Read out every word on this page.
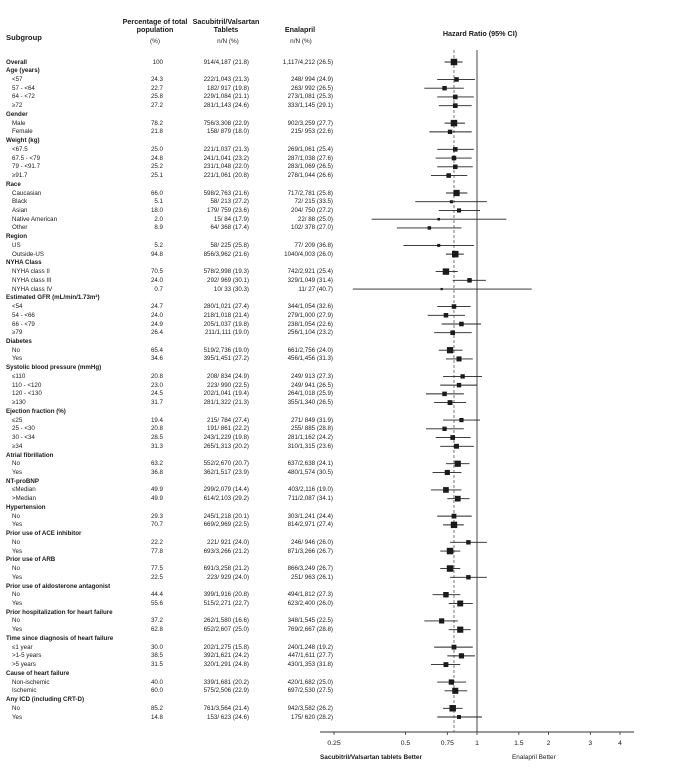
Subgroup
Percentage of total population
(%)
Sacubitril/Valsartan Tablets
n/N (%)
Enalapril
n/N (%)
Hazard Ratio (95% CI)
Overall	100	914/4,187 (21.8)	1,117/4,212 (26.5)
Age (years)
<57	24.3	222/1,043 (21.3)	248/ 994 (24.9)
57 - <64	22.7	182/ 917 (19.8)	263/ 992 (26.5)
64 - <72	25.8	229/1,084 (21.1)	273/1,081 (25.3)
≥72	27.2	281/1,143 (24.6)	333/1,145 (29.1)
Gender
Male	78.2	756/3,308 (22.9)	902/3,259 (27.7)
Female	21.8	158/ 879 (18.0)	215/ 953 (22.6)
Weight (kg)
<67.5	25.0	221/1,037 (21.3)	269/1,061 (25.4)
67.5 - <79	24.8	241/1,041 (23.2)	287/1,038 (27.6)
79 - <91.7	25.2	231/1,048 (22.0)	283/1,069 (26.5)
≥91.7	25.1	221/1,061 (20.8)	278/1,044 (26.6)
Race
Caucasian	66.0	598/2,763 (21.6)	717/2,781 (25.8)
Black	5.1	58/ 213 (27.2)	72/ 215 (33.5)
Asian	18.0	179/ 759 (23.6)	204/ 750 (27.2)
Native American	2.0	15/ 84 (17.9)	22/ 88 (25.0)
Other	8.9	64/ 368 (17.4)	102/ 378 (27.0)
Region
US	5.2	58/ 225 (25.8)	77/ 209 (36.8)
Outside-US	94.8	856/3,962 (21.6)	1040/4,003 (26.0)
NYHA Class
NYHA class II	70.5	578/2,998 (19.3)	742/2,921 (25.4)
NYHA class III	24.0	292/ 969 (30.1)	329/1,049 (31.4)
NYHA class IV	0.7	10/ 33 (30.3)	11/ 27 (40.7)
Estimated GFR (mL/min/1.73m²)
<54	24.7	280/1,021 (27.4)	344/1,054 (32.6)
54 - <66	24.0	218/1,018 (21.4)	279/1,000 (27.9)
66 - <79	24.9	205/1,037 (19.8)	238/1,054 (22.6)
≥79	26.4	211/1,111 (19.0)	256/1,104 (23.2)
Diabetes
No	65.4	519/2,736 (19.0)	661/2,756 (24.0)
Yes	34.6	395/1,451 (27.2)	456/1,456 (31.3)
Systolic blood pressure (mmHg)
≤110	20.8	208/ 834 (24.9)	249/ 913 (27.3)
110 - <120	23.0	223/ 990 (22.5)	249/ 941 (26.5)
120 - <130	24.5	202/1,041 (19.4)	264/1,018 (25.9)
≥130	31.7	281/1,322 (21.3)	355/1,340 (26.5)
Ejection fraction (%)
≤25	19.4	215/ 784 (27.4)	271/ 849 (31.9)
25 - <30	20.8	191/ 861 (22.2)	255/ 885 (28.8)
30 - <34	28.5	243/1,229 (19.8)	281/1,162 (24.2)
≥34	31.3	265/1,313 (20.2)	310/1,315 (23.6)
Atrial fibrillation
No	63.2	552/2,670 (20.7)	637/2,638 (24.1)
Yes	36.8	362/1,517 (23.9)	480/1,574 (30.5)
NT-proBNP
≤Median	49.9	299/2,079 (14.4)	403/2,116 (19.0)
>Median	49.9	614/2,103 (29.2)	711/2,087 (34.1)
Hypertension
No	29.3	245/1,218 (20.1)	303/1,241 (24.4)
Yes	70.7	669/2,969 (22.5)	814/2,971 (27.4)
Prior use of ACE inhibitor
No	22.2	221/ 921 (24.0)	246/ 946 (26.0)
Yes	77.8	693/3,266 (21.2)	871/3,266 (26.7)
Prior use of ARB
No	77.5	691/3,258 (21.2)	866/3,249 (26.7)
Yes	22.5	223/ 929 (24.0)	251/ 963 (26.1)
Prior use of aldosterone antagonist
No	44.4	399/1,916 (20.8)	494/1,812 (27.3)
Yes	55.6	515/2,271 (22.7)	623/2,400 (26.0)
Prior hospitalization for heart failure
No	37.2	262/1,580 (16.6)	348/1,545 (22.5)
Yes	62.8	652/2,607 (25.0)	769/2,667 (28.8)
Time since diagnosis of heart failure
≤1 year	30.0	202/1,275 (15.8)	240/1,248 (19.2)
>1-5 years	38.5	392/1,621 (24.2)	447/1,611 (27.7)
>5 years	31.5	320/1,291 (24.8)	430/1,353 (31.8)
Cause of heart failure
Non-ischemic	40.0	339/1,681 (20.2)	420/1,682 (25.0)
Ischemic	60.0	575/2,506 (22.9)	697/2,530 (27.5)
Any ICD (including CRT-D)
No	85.2	761/3,564 (21.4)	942/3,582 (26.2)
Yes	14.8	153/ 623 (24.6)	175/ 620 (28.2)
0.25	0.5	0.75	1	1.5	2	3	4
Sacubitril/Valsartan tablets Better	Enalapril Better
